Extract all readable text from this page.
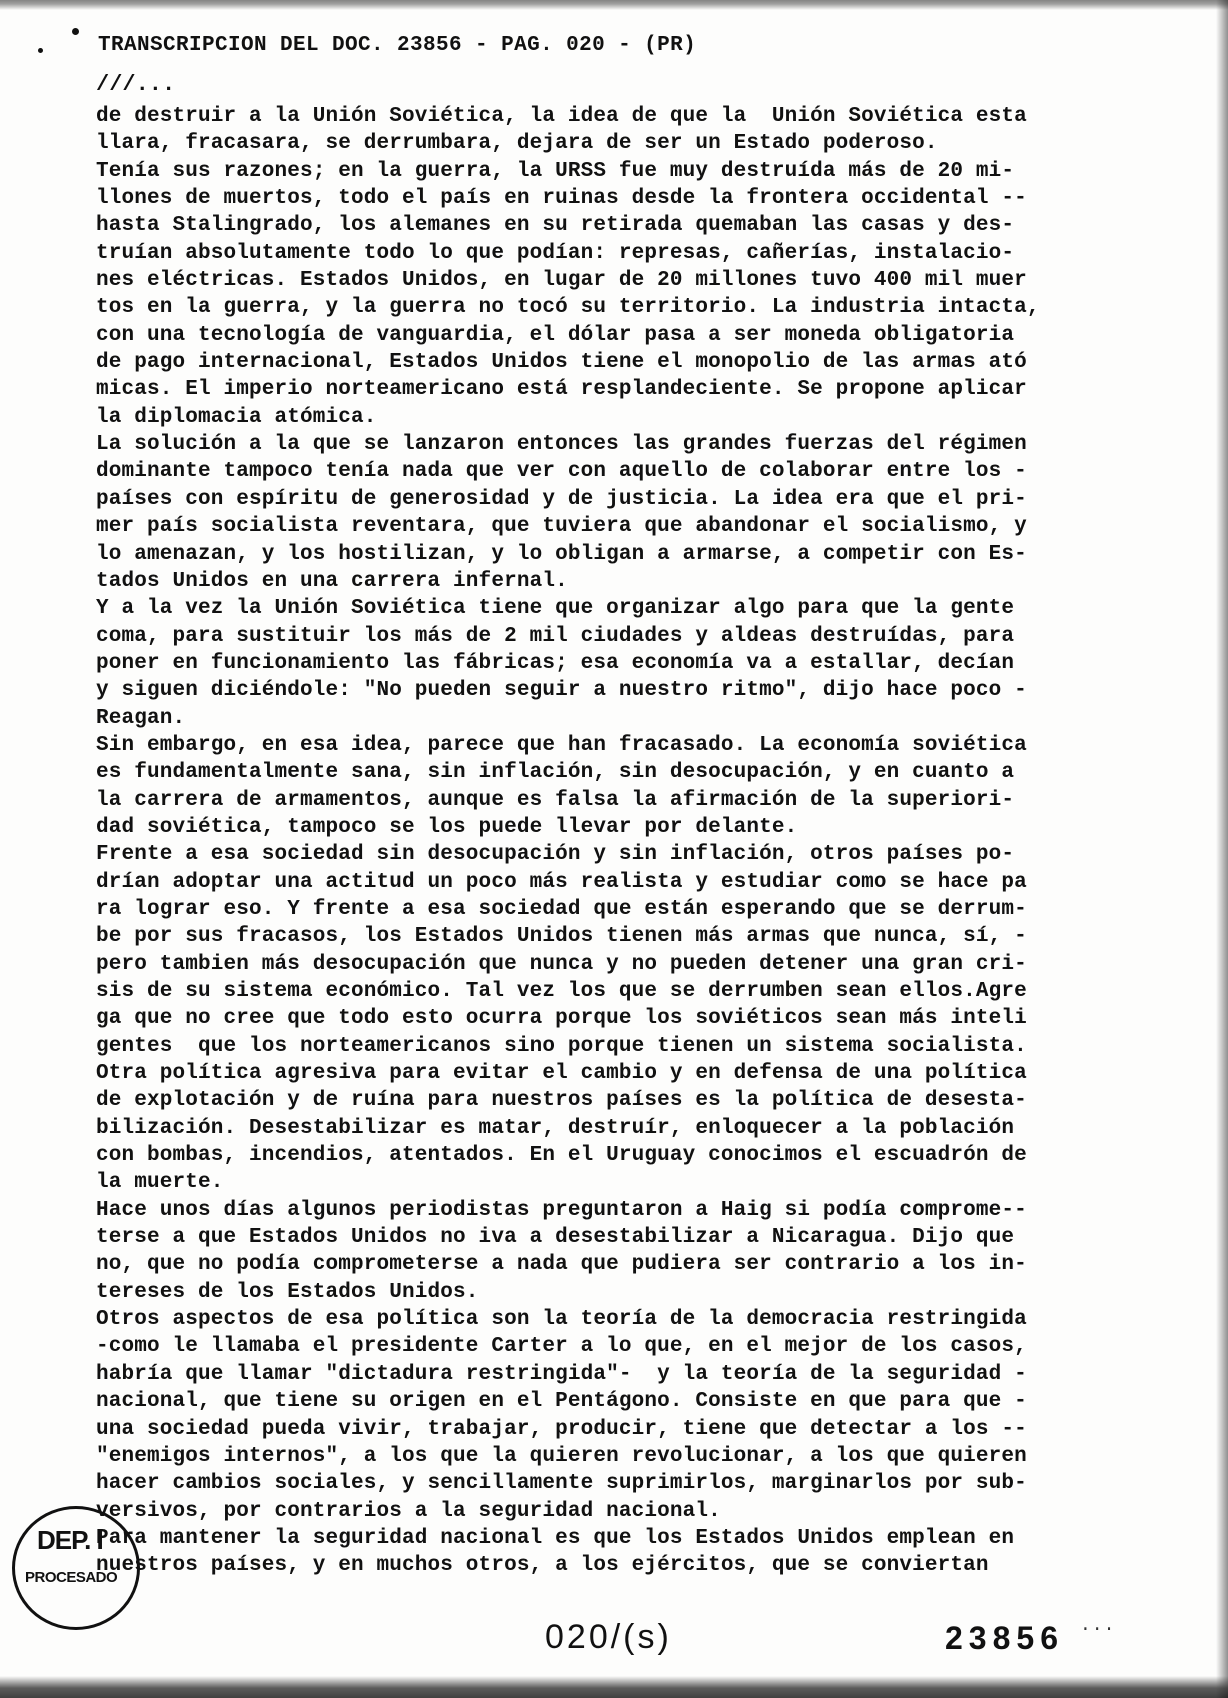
TRANSCRIPCION DEL DOC. 23856 - PAG. 020 - (PR)
///...
de destruir a la Unión Soviética, la idea de que la  Unión Soviética esta
llara, fracasara, se derrumbara, dejara de ser un Estado poderoso.
Tenía sus razones; en la guerra, la URSS fue muy destruída más de 20 mi-
llones de muertos, todo el país en ruinas desde la frontera occidental --
hasta Stalingrado, los alemanes en su retirada quemaban las casas y des-
truían absolutamente todo lo que podían: represas, cañerías, instalacio-
nes eléctricas. Estados Unidos, en lugar de 20 millones tuvo 400 mil muer
tos en la guerra, y la guerra no tocó su territorio. La industria intacta,
con una tecnología de vanguardia, el dólar pasa a ser moneda obligatoria
de pago internacional, Estados Unidos tiene el monopolio de las armas ató
micas. El imperio norteamericano está resplandeciente. Se propone aplicar
la diplomacia atómica.
La solución a la que se lanzaron entonces las grandes fuerzas del régimen
dominante tampoco tenía nada que ver con aquello de colaborar entre los -
países con espíritu de generosidad y de justicia. La idea era que el pri-
mer país socialista reventara, que tuviera que abandonar el socialismo, y
lo amenazan, y los hostilizan, y lo obligan a armarse, a competir con Es-
tados Unidos en una carrera infernal.
Y a la vez la Unión Soviética tiene que organizar algo para que la gente
coma, para sustituir los más de 2 mil ciudades y aldeas destruídas, para
poner en funcionamiento las fábricas; esa economía va a estallar, decían
y siguen diciéndole: "No pueden seguir a nuestro ritmo", dijo hace poco -
Reagan.
Sin embargo, en esa idea, parece que han fracasado. La economía soviética
es fundamentalmente sana, sin inflación, sin desocupación, y en cuanto a
la carrera de armamentos, aunque es falsa la afirmación de la superiori-
dad soviética, tampoco se los puede llevar por delante.
Frente a esa sociedad sin desocupación y sin inflación, otros países po-
drían adoptar una actitud un poco más realista y estudiar como se hace pa
ra lograr eso. Y frente a esa sociedad que están esperando que se derrum-
be por sus fracasos, los Estados Unidos tienen más armas que nunca, sí, -
pero tambien más desocupación que nunca y no pueden detener una gran cri-
sis de su sistema económico. Tal vez los que se derrumben sean ellos.Agre
ga que no cree que todo esto ocurra porque los soviéticos sean más inteli
gentes  que los norteamericanos sino porque tienen un sistema socialista.
Otra política agresiva para evitar el cambio y en defensa de una política
de explotación y de ruína para nuestros países es la política de desesta-
bilización. Desestabilizar es matar, destruír, enloquecer a la población
con bombas, incendios, atentados. En el Uruguay conocimos el escuadrón de
la muerte.
Hace unos días algunos periodistas preguntaron a Haig si podía comprome--
terse a que Estados Unidos no iva a desestabilizar a Nicaragua. Dijo que
no, que no podía comprometerse a nada que pudiera ser contrario a los in-
tereses de los Estados Unidos.
Otros aspectos de esa política son la teoría de la democracia restringida
-como le llamaba el presidente Carter a lo que, en el mejor de los casos,
habría que llamar "dictadura restringida"-  y la teoría de la seguridad -
nacional, que tiene su origen en el Pentágono. Consiste en que para que -
una sociedad pueda vivir, trabajar, producir, tiene que detectar a los --
"enemigos internos", a los que la quieren revolucionar, a los que quieren
hacer cambios sociales, y sencillamente suprimirlos, marginarlos por sub-
versivos, por contrarios a la seguridad nacional.
Para mantener la seguridad nacional es que los Estados Unidos emplean en
nuestros países, y en muchos otros, a los ejércitos, que se conviertan
DEP. I
PROCESADO
020/(s)	23856 ...
